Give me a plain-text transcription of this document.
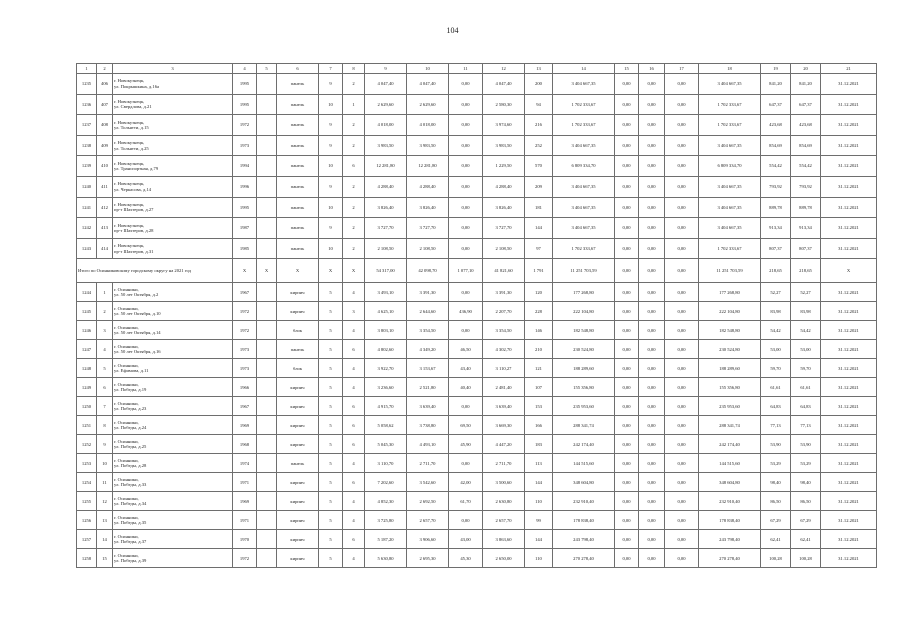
104
1	2	3	4	5	6	7	8	9	10	11	12	13	14	15	16	17	18	19	20	21
1235	406	г. Новокузнецк,
ул. Покрышкина, д.16а	1995		панель	9	2	4 047,40	4 047,40	0,00	4 047,40	200	3 404 667,35	0,00	0,00	0,00	3 404 667,35	841,20	841,20	31.12.2021
1236	407	г. Новокузнецк,
ул. Свердлова, д.21	1995		панель	10	1	2 629,60	2 629,60	0,00	2 580,30	94	1 702 333,67	0,00	0,00	0,00	1 702 333,67	647,37	647,37	31.12.2021
1237	408	г. Новокузнецк,
ул. Тольятти, д.15	1972		панель	9	2	4 018,00	4 018,00	0,00	3 974,60	216	1 702 333,67	0,00	0,00	0,00	1 702 333,67	423,68	423,68	31.12.2021
1238	409	г. Новокузнецк,
ул. Тольятти, д.25	1973		панель	9	2	3 983,50	3 983,50	0,00	3 983,50	252	3 404 667,35	0,00	0,00	0,00	3 404 667,35	854,69	854,69	31.12.2021
1239	410	г. Новокузнецк,
ул. Транспортная, д.79	1994		панель	10	6	12 281,80	12 281,80	0,00	1 229,50	570	6 809 334,70	0,00	0,00	0,00	6 809 334,70	554,42	554,42	31.12.2021
1240	411	г. Новокузнецк,
ул. Черкасова, д.14	1996		панель	9	2	4 288,40	4 288,40	0,00	4 288,40	209	3 404 667,35	0,00	0,00	0,00	3 404 667,35	793,92	793,92	31.12.2021
1241	412	г. Новокузнецк,
пр-т Шахтеров, д.27	1995		панель	10	2	3 826,40	3 826,40	0,00	3 826,40	181	3 404 667,35	0,00	0,00	0,00	3 404 667,35	889,78	889,78	31.12.2021
1242	413	г. Новокузнецк,
пр-т Шахтеров, д.28	1987		панель	9	2	3 727,70	3 727,70	0,00	3 727,70	144	3 404 667,35	0,00	0,00	0,00	3 404 667,35	913,34	913,34	31.12.2021
1243	414	г. Новокузнецк,
пр-т Шахтеров, д.31	1985		панель	10	2	2 108,50	2 108,50	0,00	2 108,50	97	1 702 333,67	0,00	0,00	0,00	1 702 333,67	807,37	807,37	31.12.2021
Итого по Осинниковскому городскому округу на 2021 год			X	X	X	X	X	54 317,00	42 098,70	1 077,10	41 821,60	1 791	11 251 703,59	0,00	0,00	0,00	11 251 703,59	218,65	218,65	X
1244	1	г. Осинники,
ул. 50 лет Октября, д.2	1967		кирпич	5	4	3 493,10	3 391,30	0,00	3 391,30	120	177 268,80	0,00	0,00	0,00	177 268,80	52,27	52,27	31.12.2021
1245	2	г. Осинники,
ул. 50 лет Октября, д.10	1972		кирпич	5	3	4 625,10	2 644,60	436,90	2 207,70	228	222 104,80	0,00	0,00	0,00	222 104,80	83,98	83,98	31.12.2021
1246	3	г. Осинники,
ул. 50 лет Октября, д.14	1972		блок	5	4	3 803,10	3 354,50	0,00	3 354,50	146	182 548,80	0,00	0,00	0,00	182 548,80	54,42	54,42	31.12.2021
1247	4	г. Осинники,
ул. 50 лет Октября, д.16	1973		панель	5	6	4 802,60	4 349,20	46,50	4 302,70	210	230 524,80	0,00	0,00	0,00	230 524,80	53,00	53,00	31.12.2021
1248	5	г. Осинники,
ул. Ефимова, д.11	1973		блок	5	4	3 922,70	3 153,67	43,40	3 110,27	121	188 289,60	0,00	0,00	0,00	188 289,60	59,70	59,70	31.12.2021
1249	6	г. Осинники,
ул. Победы, д.19	1966		кирпич	5	4	3 236,60	2 521,80	40,40	2 481,40	107	155 356,80	0,00	0,00	0,00	155 356,80	61,61	61,61	31.12.2021
1250	7	г. Осинники,
ул. Победы, д.23	1967		кирпич	5	6	4 915,70	3 639,40	0,00	3 639,40	153	235 953,60	0,00	0,00	0,00	235 953,60	64,83	64,83	31.12.2021
1251	8	г. Осинники,
ул. Победы, д.24	1969		кирпич	5	6	5 058,62	3 738,80	69,50	3 669,30	166	288 341,74	0,00	0,00	0,00	288 341,74	77,13	77,13	31.12.2021
1252	9	г. Осинники,
ул. Победы, д.25	1968		кирпич	5	6	5 045,30	4 493,10	45,90	4 447,20	183	242 174,40	0,00	0,00	0,00	242 174,40	53,90	53,90	31.12.2021
1253	10	г. Осинники,
ул. Победы, д.28	1974		панель	5	4	3 110,70	2 711,70	0,00	2 711,70	113	144 515,60	0,00	0,00	0,00	144 515,60	53,29	53,29	31.12.2021
1254	11	г. Осинники,
ул. Победы, д.33	1971		кирпич	5	6	7 202,60	3 542,60	42,00	3 500,60	144	348 604,80	0,00	0,00	0,00	348 604,80	98,40	98,40	31.12.2021
1255	12	г. Осинники,
ул. Победы, д.34	1969		кирпич	5	4	4 852,30	2 692,50	61,70	2 630,80	110	232 910,40	0,00	0,00	0,00	232 910,40	86,50	86,50	31.12.2021
1256	13	г. Осинники,
ул. Победы, д.35	1971		кирпич	5	4	3 725,80	2 657,70	0,00	2 657,70	99	178 838,40	0,00	0,00	0,00	178 838,40	67,29	67,29	31.12.2021
1257	14	г. Осинники,
ул. Победы, д.37	1970		кирпич	5	6	5 187,20	3 906,60	43,00	3 863,60	144	243 798,40	0,00	0,00	0,00	243 798,40	62,41	62,41	31.12.2021
1258	15	г. Осинники,
ул. Победы, д.39	1972		кирпич	5	4	5 630,80	2 695,30	45,30	2 650,00	110	270 278,40	0,00	0,00	0,00	270 278,40	100,28	100,28	31.12.2021
